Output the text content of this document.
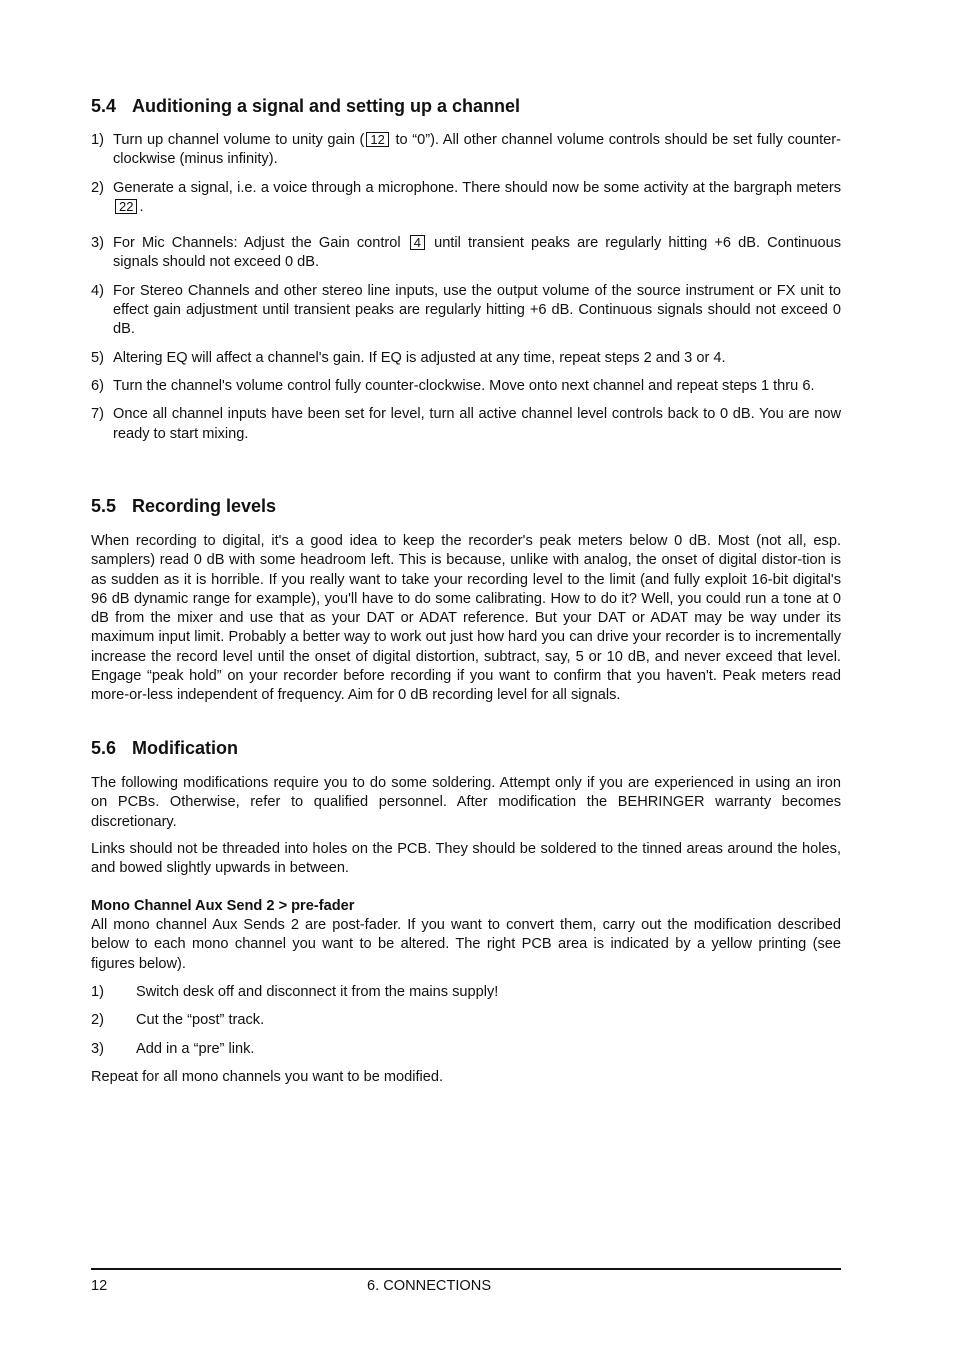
5.4 Auditioning a signal and setting up a channel
1) Turn up channel volume to unity gain ( 12 to “0”). All other channel volume controls should be set fully counter-clockwise (minus infinity).
2) Generate a signal, i.e. a voice through a microphone. There should now be some activity at the bargraph meters 22 .
3) For Mic Channels: Adjust the Gain control 4 until transient peaks are regularly hitting +6 dB. Continuous signals should not exceed 0 dB.
4) For Stereo Channels and other stereo line inputs, use the output volume of the source instrument or FX unit to effect gain adjustment until transient peaks are regularly hitting +6 dB. Continuous signals should not exceed 0 dB.
5) Altering EQ will affect a channel's gain. If EQ is adjusted at any time, repeat steps 2 and 3 or 4.
6) Turn the channel's volume control fully counter-clockwise. Move onto next channel and repeat steps 1 thru 6.
7) Once all channel inputs have been set for level, turn all active channel level controls back to 0 dB. You are now ready to start mixing.
5.5 Recording levels
When recording to digital, it's a good idea to keep the recorder's peak meters below 0 dB. Most (not all, esp. samplers) read 0 dB with some headroom left. This is because, unlike with analog, the onset of digital distor-tion is as sudden as it is horrible. If you really want to take your recording level to the limit (and fully exploit 16-bit digital's 96 dB dynamic range for example), you'll have to do some calibrating. How to do it? Well, you could run a tone at 0 dB from the mixer and use that as your DAT or ADAT reference. But your DAT or ADAT may be way under its maximum input limit. Probably a better way to work out just how hard you can drive your recorder is to incrementally increase the record level until the onset of digital distortion, subtract, say, 5 or 10 dB, and never exceed that level. Engage “peak hold” on your recorder before recording if you want to confirm that you haven't. Peak meters read more-or-less independent of frequency. Aim for 0 dB recording level for all signals.
5.6 Modification
The following modifications require you to do some soldering. Attempt only if you are experienced in using an iron on PCBs. Otherwise, refer to qualified personnel. After modification the BEHRINGER warranty becomes discretionary.
Links should not be threaded into holes on the PCB. They should be soldered to the tinned areas around the holes, and bowed slightly upwards in between.
Mono Channel Aux Send 2 > pre-fader
All mono channel Aux Sends 2 are post-fader. If you want to convert them, carry out the modification described below to each mono channel you want to be altered. The right PCB area is indicated by a yellow printing (see figures below).
1)	Switch desk off and disconnect it from the mains supply!
2)	Cut the “post” track.
3)	Add in a “pre” link.
Repeat for all mono channels you want to be modified.
12	6. CONNECTIONS
